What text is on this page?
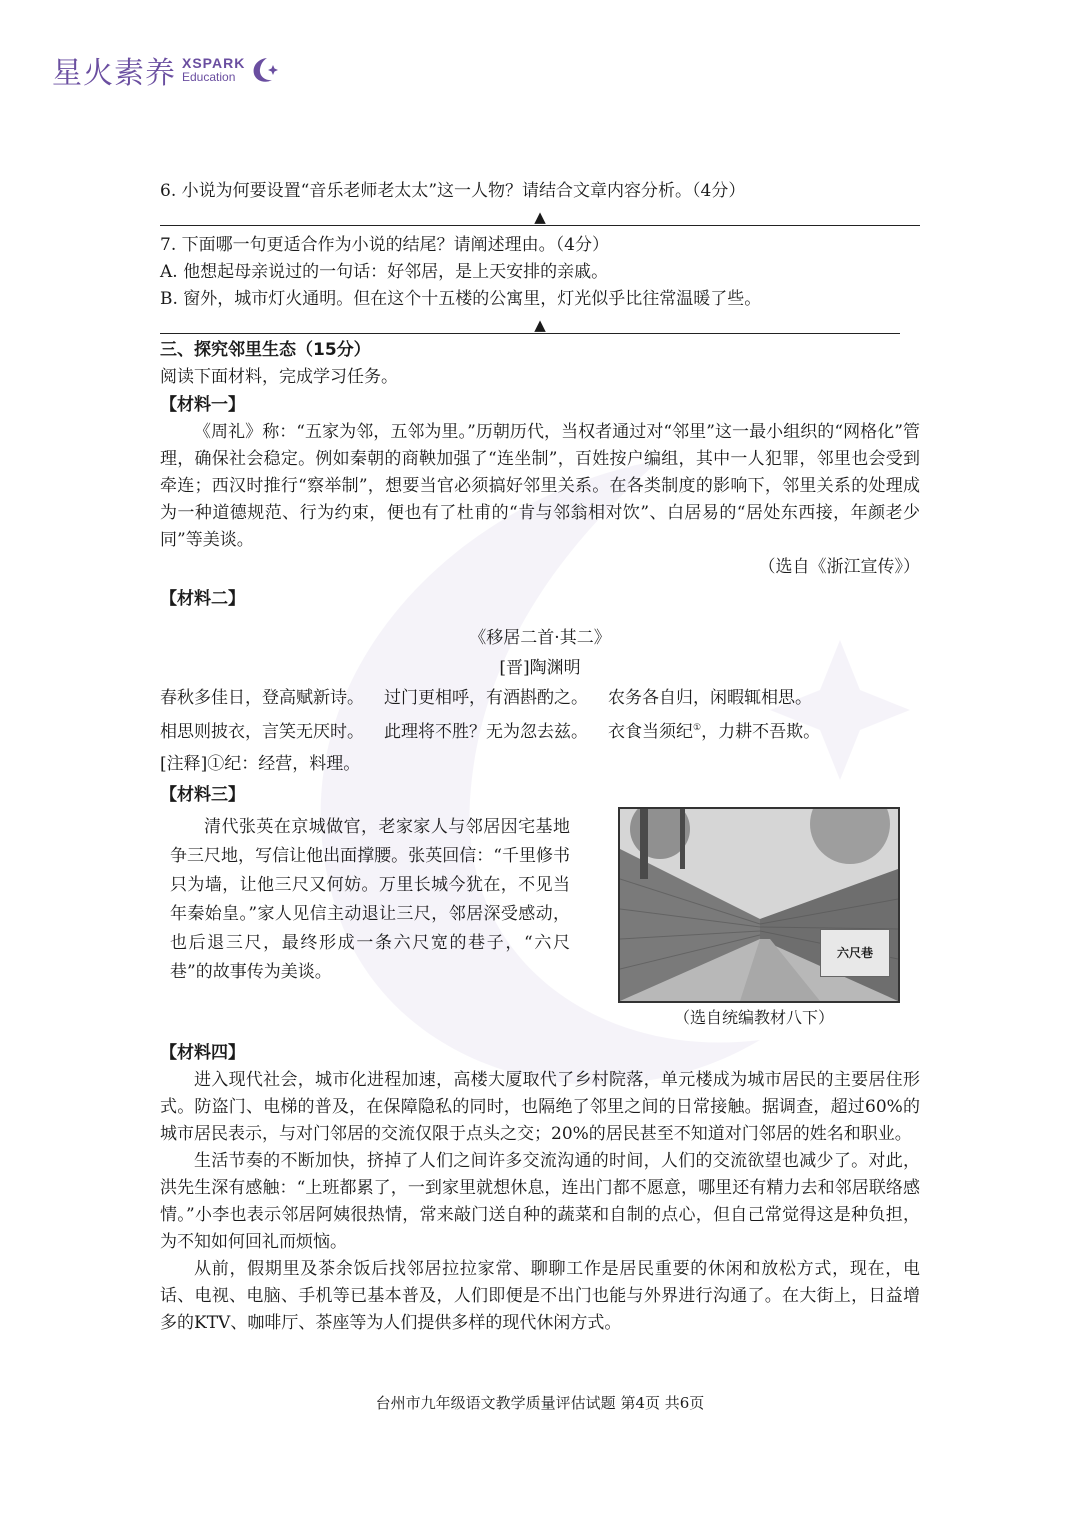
星火素养 XSPARK
Education
6. 小说为何要设置“音乐老师老太太”这一人物？请结合文章内容分析。（4分）
▲
7. 下面哪一句更适合作为小说的结尾？请阐述理由。（4分）
A. 他想起母亲说过的一句话：好邻居，是上天安排的亲戚。
B. 窗外，城市灯火通明。但在这个十五楼的公寓里，灯光似乎比往常温暖了些。
▲
三、探究邻里生态（15分）
阅读下面材料，完成学习任务。
【材料一】
《周礼》称：“五家为邻，五邻为里。”历朝历代，当权者通过对“邻里”这一最小组织的“网格化”管理，确保社会稳定。例如秦朝的商鞅加强了“连坐制”，百姓按户编组，其中一人犯罪，邻里也会受到牵连；西汉时推行“察举制”，想要当官必须搞好邻里关系。在各类制度的影响下，邻里关系的处理成为一种道德规范、行为约束，便也有了杜甫的“肯与邻翁相对饮”、白居易的“居处东西接，年颜老少同”等美谈。
（选自《浙江宣传》）
【材料二】
《移居二首·其二》
[晋]陶渊明
春秋多佳日，登高赋新诗。 过门更相呼，有酒斟酌之。 农务各自归，闲暇辄相思。
相思则披衣，言笑无厌时。 此理将不胜？无为忽去兹。 衣食当须纪①，力耕不吾欺。
[注释]①纪：经营，料理。
【材料三】
清代张英在京城做官，老家家人与邻居因宅基地争三尺地，写信让他出面撑腰。张英回信：“千里修书只为墙，让他三尺又何妨。万里长城今犹在，不见当年秦始皇。”家人见信主动退让三尺，邻居深受感动，也后退三尺，最终形成一条六尺宽的巷子，“六尺巷”的故事传为美谈。
六尺巷
（选自统编教材八下）
【材料四】
进入现代社会，城市化进程加速，高楼大厦取代了乡村院落，单元楼成为城市居民的主要居住形式。防盗门、电梯的普及，在保障隐私的同时，也隔绝了邻里之间的日常接触。据调查，超过60%的城市居民表示，与对门邻居的交流仅限于点头之交；20%的居民甚至不知道对门邻居的姓名和职业。
生活节奏的不断加快，挤掉了人们之间许多交流沟通的时间，人们的交流欲望也减少了。对此，洪先生深有感触：“上班都累了，一到家里就想休息，连出门都不愿意，哪里还有精力去和邻居联络感情。”小李也表示邻居阿姨很热情，常来敲门送自种的蔬菜和自制的点心，但自己常觉得这是种负担，为不知如何回礼而烦恼。
从前，假期里及茶余饭后找邻居拉拉家常、聊聊工作是居民重要的休闲和放松方式，现在，电话、电视、电脑、手机等已基本普及，人们即便是不出门也能与外界进行沟通了。在大街上，日益增多的KTV、咖啡厅、茶座等为人们提供多样的现代休闲方式。
台州市九年级语文教学质量评估试题 第4页 共6页
